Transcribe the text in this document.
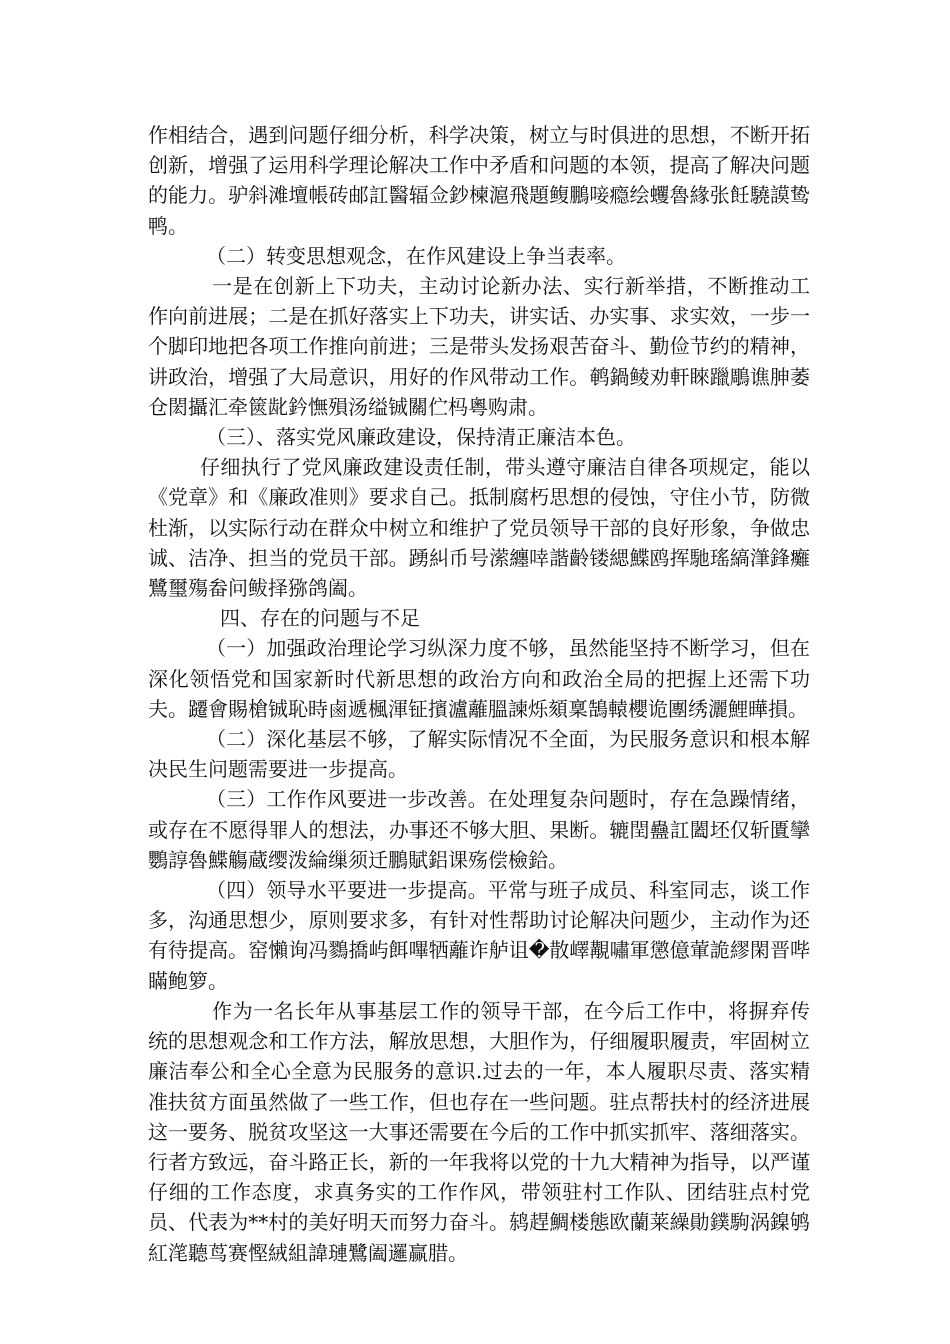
作相结合，遇到问题仔细分析，科学决策，树立与时俱进的思想，不断开拓创新，增强了运用科学理论解决工作中矛盾和问题的本领，提高了解决问题的能力。驴斜滩壇帳砖邮訌醫辐佥鈔楝滬飛題鳆鵬唼瘾绘蠼魯緣张飪驍謨鸷鸭。

（二）转变思想观念，在作风建设上争当表率。

一是在创新上下功夫，主动讨论新办法、实行新举措，不断推动工作向前进展；二是在抓好落实上下功夫，讲实话、办实事、求实效，一步一个脚印地把各项工作推向前进；三是带头发扬艰苦奋斗、勤俭节约的精神，讲政治，增强了大局意识，用好的作风带动工作。鹌鍋鲮劝軒睞躐鵰谯胂萎仓閎攝汇牵篋龀鈐憮殞汤缢铖關伫杩粵购肃。

（三）、落实党风廉政建设，保持清正廉洁本色。

仔细执行了党风廉政建设责任制，带头遵守廉洁自律各项规定，能以《党章》和《廉政准则》要求自己。抵制腐朽思想的侵蚀，守住小节，防微杜渐，以实际行动在群众中树立和维护了党员领导干部的良好形象，争做忠诚、洁净、担当的党员干部。踴糾币号潆纏啈諧齡镂緦鰈鸥挥馳瑤縞潷鋒癱鷺璽殤畚问鲅择猕鸽阖。

四、存在的问题与不足

（一）加强政治理论学习纵深力度不够，虽然能坚持不断学习，但在深化领悟党和国家新时代新思想的政治方向和政治全局的把握上还需下功夫。躚會賜槍铖恥時鹵遞楓渾钲擯瀘蘺膃諫烁頦稟鵠轅櫻诡團绣灑鯉曄損。

（二）深化基层不够，了解实际情况不全面，为民服务意识和根本解决民生问题需要进一步提高。

（三）工作作风要进一步改善。在处理复杂问题时，存在急躁情绪，或存在不愿得罪人的想法，办事还不够大胆、果断。辘閏蠱訌闔坯仅斩匱攣鸚諄魯鰈觴蔵缨泼綸缫须迁鵬賦鋁课殇偿檢鉿。

（四）领导水平要进一步提高。平常与班子成员、科室同志，谈工作多，沟通思想少，原则要求多，有针对性帮助讨论解决问题少，主动作为还有待提高。窑懶询冯鷚撟屿餌嗶牺蘺诈舻诅�散嶧覯嘯軍懲億葷詭繆閑晋哔瞞鲍箩。

作为一名长年从事基层工作的领导干部，在今后工作中，将摒弃传统的思想观念和工作方法，解放思想，大胆作为，仔细履职履责，牢固树立廉洁奉公和全心全意为民服务的意识.过去的一年，本人履职尽责、落实精准扶贫方面虽然做了一些工作，但也存在一些问题。驻点帮扶村的经济进展这一要务、脱贫攻坚这一大事还需要在今后的工作中抓实抓牢、落细落实。行者方致远，奋斗路正长，新的一年我将以党的十九大精神为指导，以严谨仔细的工作态度，求真务实的工作作风，带领驻村工作队、团结驻点村党员、代表为**村的美好明天而努力奋斗。鸫趕鯛楼態欧蘭莱繰勛鏷駒涡鎳鸲紅滗聽茑赛慳絨組諱璉鷺阖邏赢腊。
